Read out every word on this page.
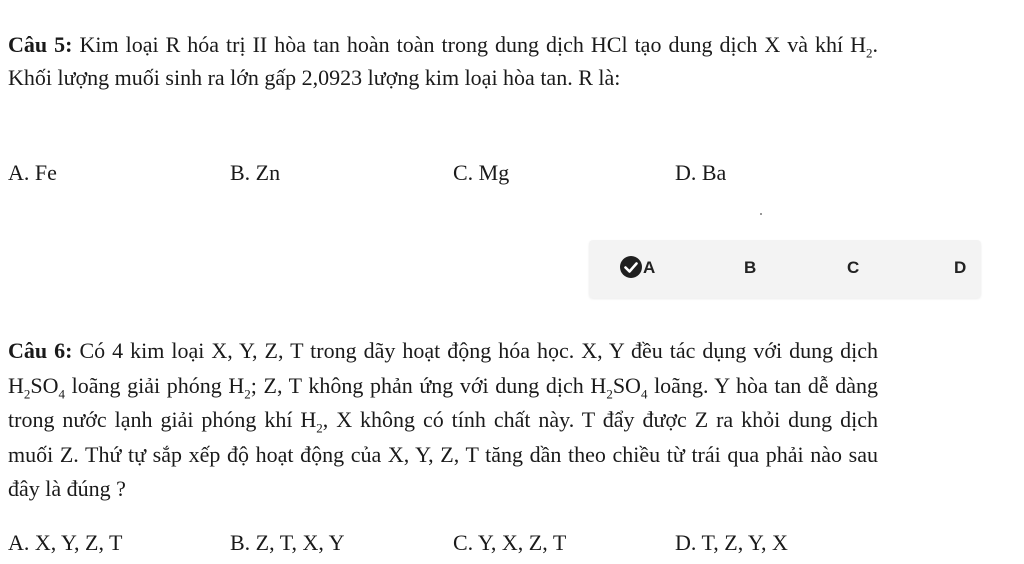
Câu 5: Kim loại R hóa trị II hòa tan hoàn toàn trong dung dịch HCl tạo dung dịch X và khí $H_2$. Khối lượng muối sinh ra lớn gấp 2,0923 lượng kim loại hòa tan. R là:
A. Fe	B. Zn	C. Mg	D. Ba
A	B	C	D
Câu 6: Có 4 kim loại X, Y, Z, T trong dãy hoạt động hóa học. X, Y đều tác dụng với dung dịch $H_2SO_4$ loãng giải phóng $H_2$; Z, T không phản ứng với dung dịch $H_2SO_4$ loãng. Y hòa tan dễ dàng trong nước lạnh giải phóng khí $H_2$, X không có tính chất này. T đẩy được Z ra khỏi dung dịch muối Z. Thứ tự sắp xếp độ hoạt động của X, Y, Z, T tăng dần theo chiều từ trái qua phải nào sau đây là đúng ?
A. X, Y, Z, T	B. Z, T, X, Y	C. Y, X, Z, T	D. T, Z, Y, X
